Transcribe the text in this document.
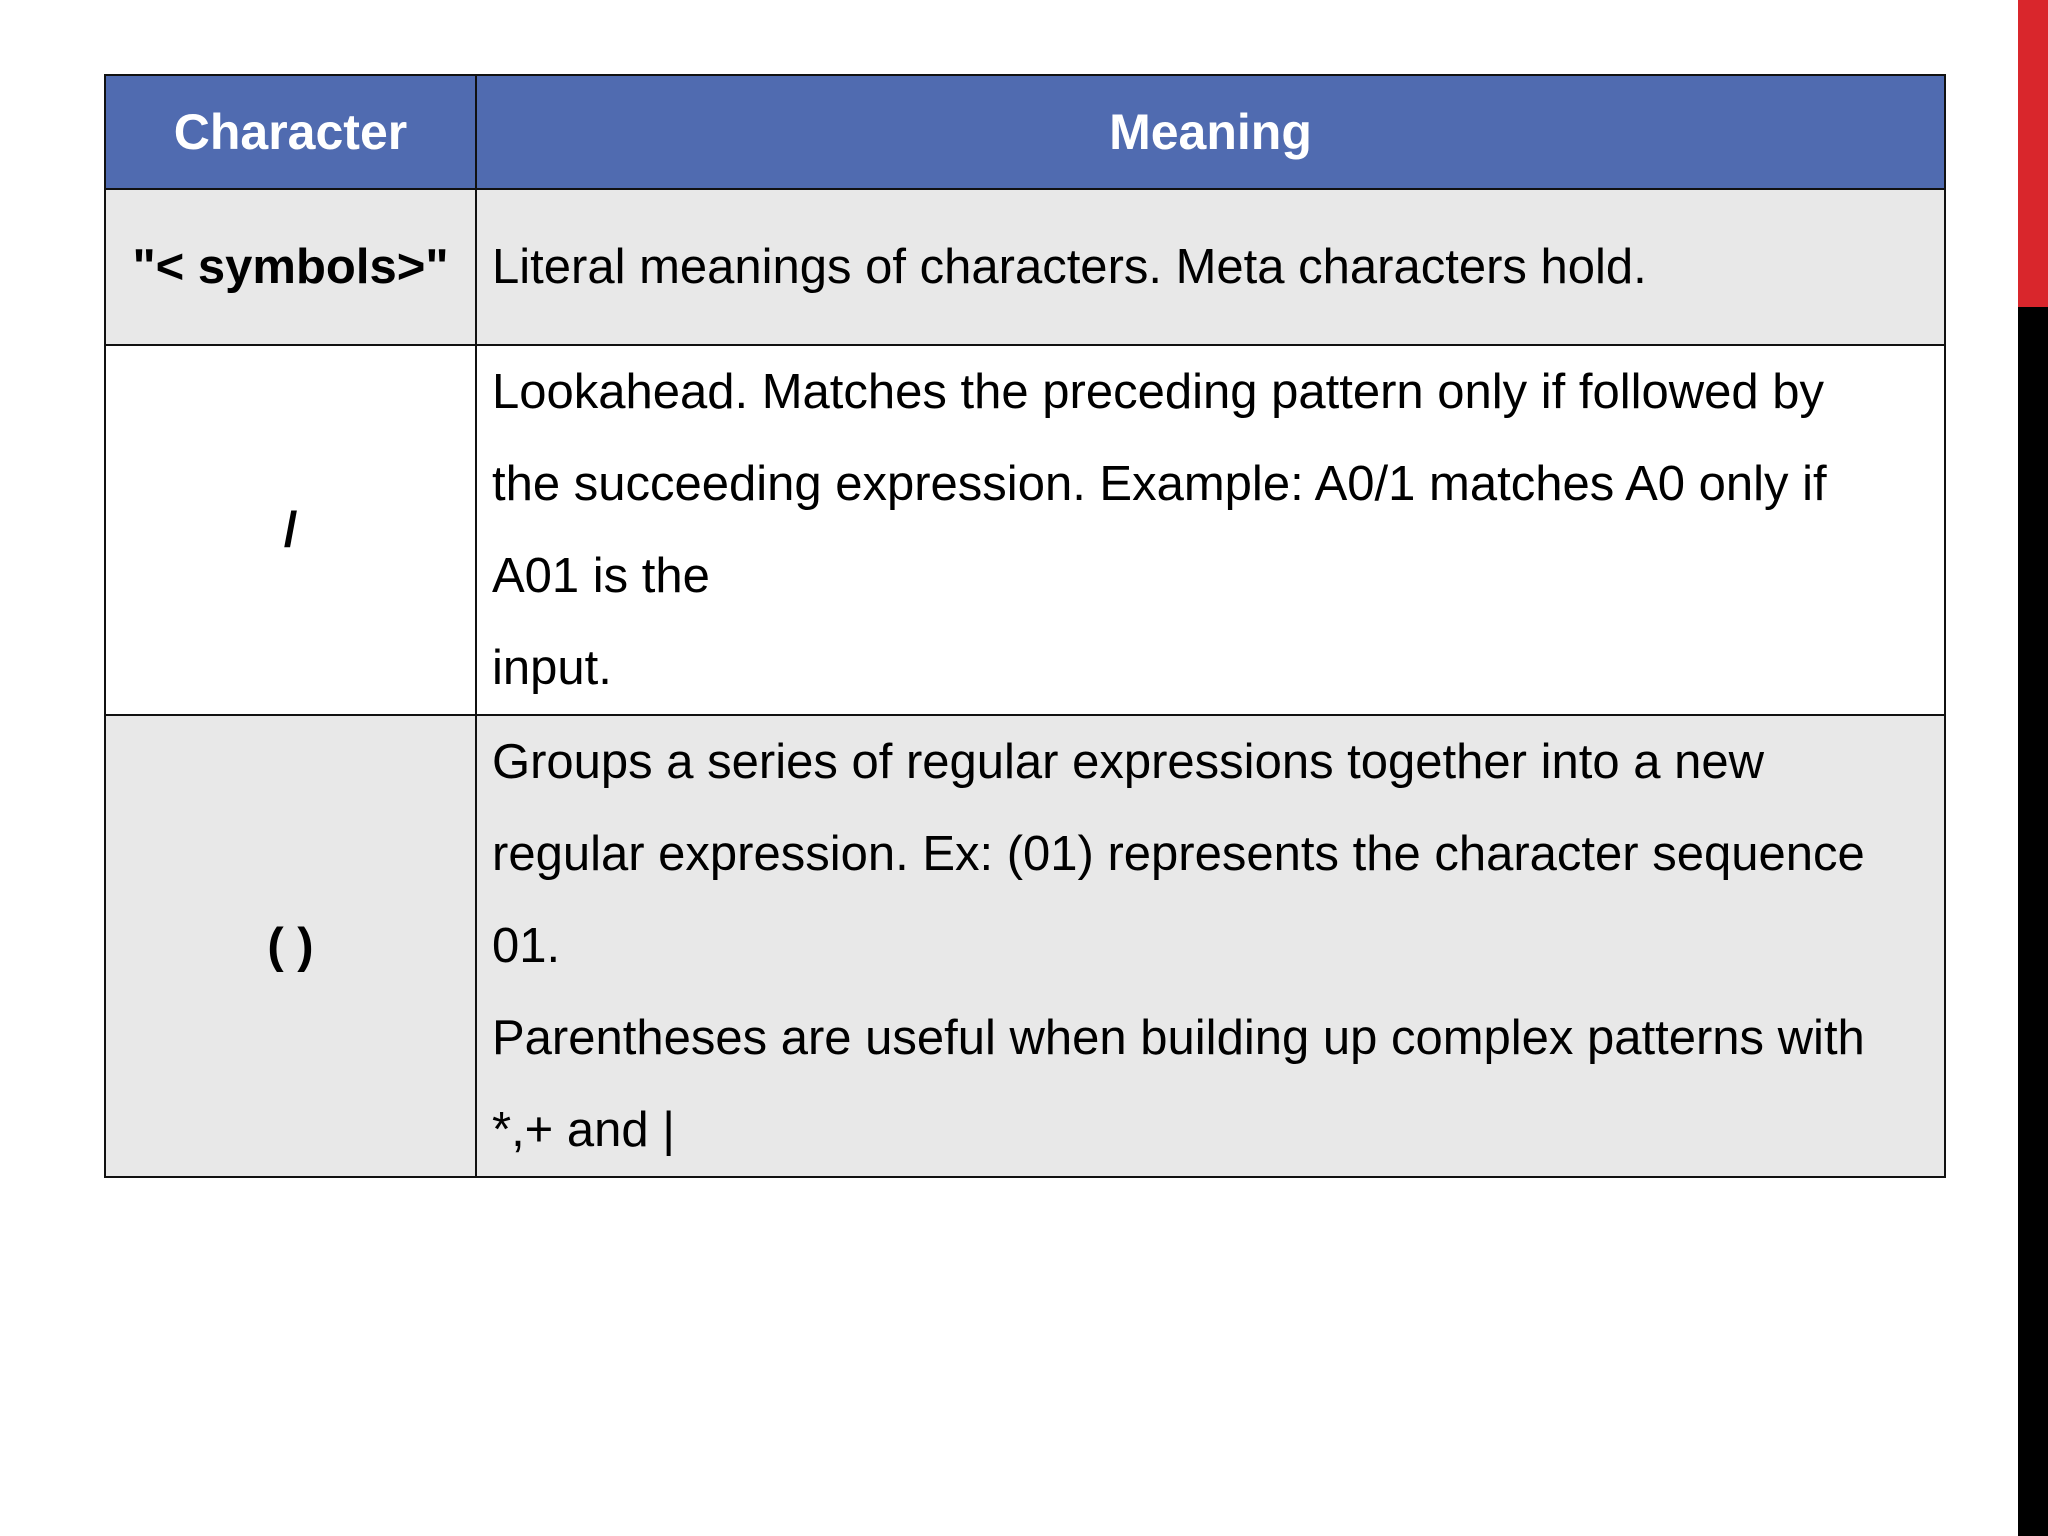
Character	Meaning
"< symbols>"	Literal meanings of characters. Meta characters hold.

/	Lookahead. Matches the preceding pattern only if followed by
the succeeding expression. Example: A0/1 matches A0 only if
A01 is the
input.

( )	Groups a series of regular expressions together into a new
regular expression. Ex: (01) represents the character sequence
01.
Parentheses are useful when building up complex patterns with
*,+ and |
